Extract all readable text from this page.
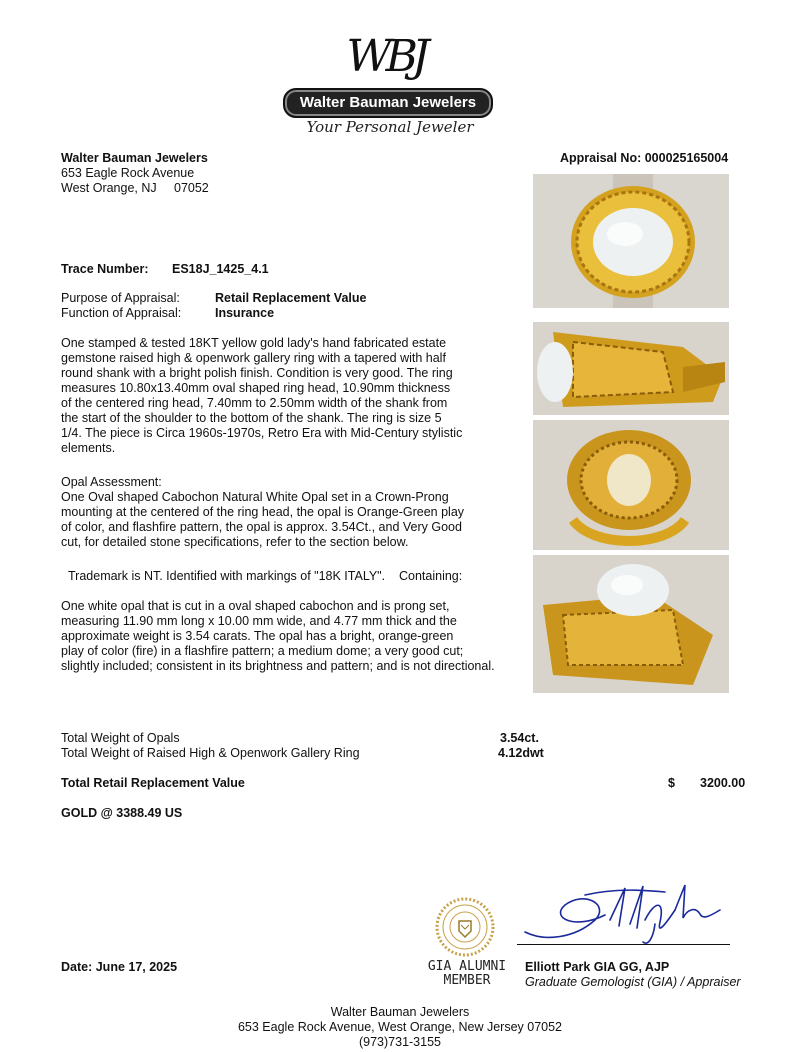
WBJ
Walter Bauman Jewelers
Your Personal Jeweler
Walter Bauman Jewelers
653 Eagle Rock Avenue
West Orange, NJ     07052
Appraisal No: 000025165004
Trace Number: ES18J_1425_4.1
Purpose of Appraisal:	Retail Replacement Value
Function of Appraisal:	Insurance
One stamped & tested 18KT yellow gold lady's hand fabricated estate
gemstone raised high & openwork gallery ring with a tapered with half
round shank with a bright polish finish. Condition is very good. The ring
measures 10.80x13.40mm oval shaped ring head, 10.90mm thickness
of the centered ring head, 7.40mm to 2.50mm width of the shank from
the start of the shoulder to the bottom of the shank. The ring is size 5
1/4. The piece is Circa 1960s-1970s, Retro Era with Mid-Century stylistic
elements.
Opal Assessment:
One Oval shaped Cabochon Natural White Opal set in a Crown-Prong
mounting at the centered of the ring head, the opal is Orange-Green play
of color, and flashfire pattern, the opal is approx. 3.54Ct., and Very Good
cut, for detailed stone specifications, refer to the section below.
Trademark is NT. Identified with markings of "18K ITALY".    Containing:
One white opal that is cut in a oval shaped cabochon and is prong set,
measuring 11.90 mm long x 10.00 mm wide, and 4.77 mm thick and the
approximate weight is 3.54 carats. The opal has a bright, orange-green
play of color (fire) in a flashfire pattern; a medium dome; a very good cut;
slightly included; consistent in its brightness and pattern; and is not directional.
Total Weight of Opals	3.54ct.
Total Weight of Raised High & Openwork Gallery Ring	4.12dwt
Total Retail Replacement Value	$ 3200.00
GOLD @ 3388.49 US
Date: June 17, 2025	GIA ALUMNI
MEMBER
Elliott Park GIA GG, AJP
Graduate Gemologist (GIA) / Appraiser
Walter Bauman Jewelers
653 Eagle Rock Avenue, West Orange, New Jersey 07052
(973)731-3155
